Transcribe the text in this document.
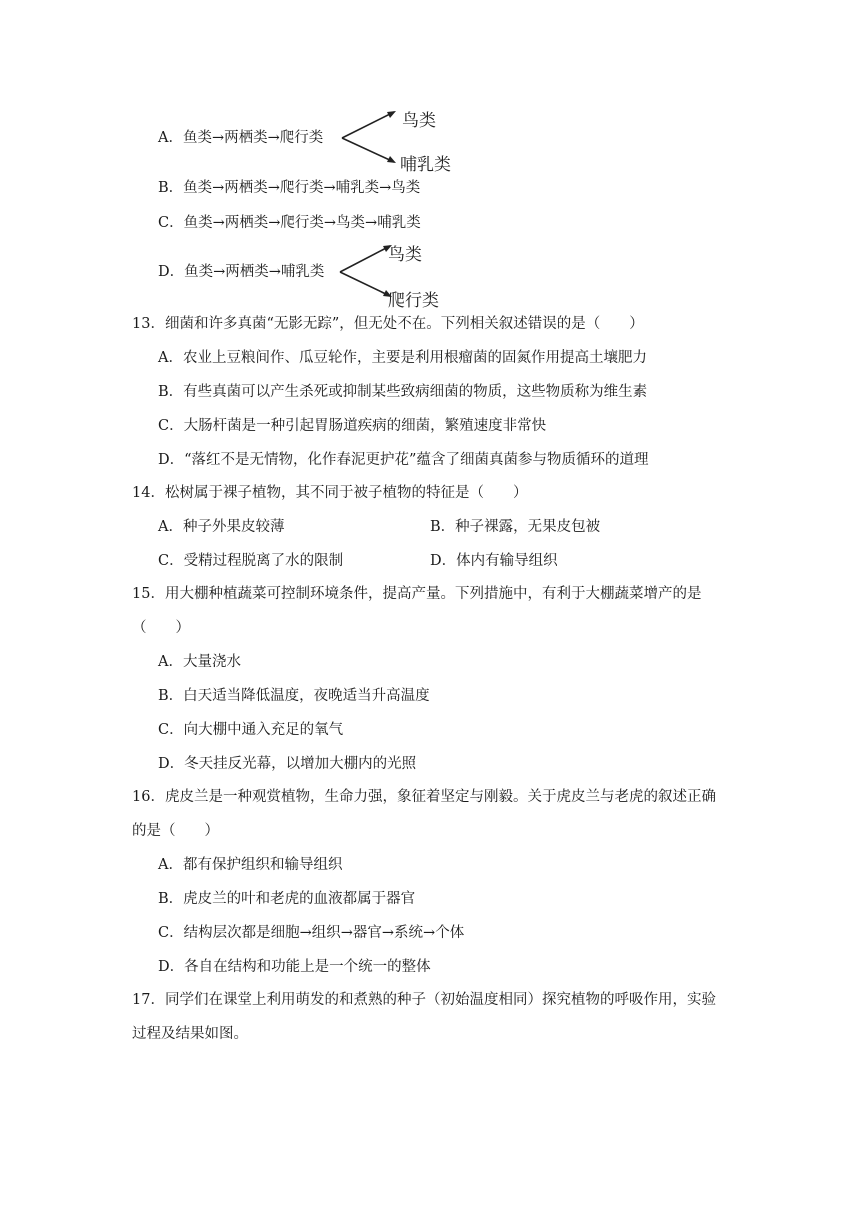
A．鱼类→两栖类→爬行类
鸟类
哺乳类
B．鱼类→两栖类→爬行类→哺乳类→鸟类
C．鱼类→两栖类→爬行类→鸟类→哺乳类
D．鱼类→两栖类→哺乳类
鸟类
爬行类
13．细菌和许多真菌“无影无踪”，但无处不在。下列相关叙述错误的是（　　）
A．农业上豆粮间作、瓜豆轮作，主要是利用根瘤菌的固氮作用提高土壤肥力
B．有些真菌可以产生杀死或抑制某些致病细菌的物质，这些物质称为维生素
C．大肠杆菌是一种引起胃肠道疾病的细菌，繁殖速度非常快
D．“落红不是无情物，化作春泥更护花”蕴含了细菌真菌参与物质循环的道理
14．松树属于裸子植物，其不同于被子植物的特征是（　　）
A．种子外果皮较薄	B．种子裸露，无果皮包被
C．受精过程脱离了水的限制	D．体内有输导组织
15．用大棚种植蔬菜可控制环境条件，提高产量。下列措施中，有利于大棚蔬菜增产的是
（　　）
A．大量浇水
B．白天适当降低温度，夜晚适当升高温度
C．向大棚中通入充足的氧气
D．冬天挂反光幕，以增加大棚内的光照
16．虎皮兰是一种观赏植物，生命力强，象征着坚定与刚毅。关于虎皮兰与老虎的叙述正确
的是（　　）
A．都有保护组织和输导组织
B．虎皮兰的叶和老虎的血液都属于器官
C．结构层次都是细胞→组织→器官→系统→个体
D．各自在结构和功能上是一个统一的整体
17．同学们在课堂上利用萌发的和煮熟的种子（初始温度相同）探究植物的呼吸作用，实验
过程及结果如图。
